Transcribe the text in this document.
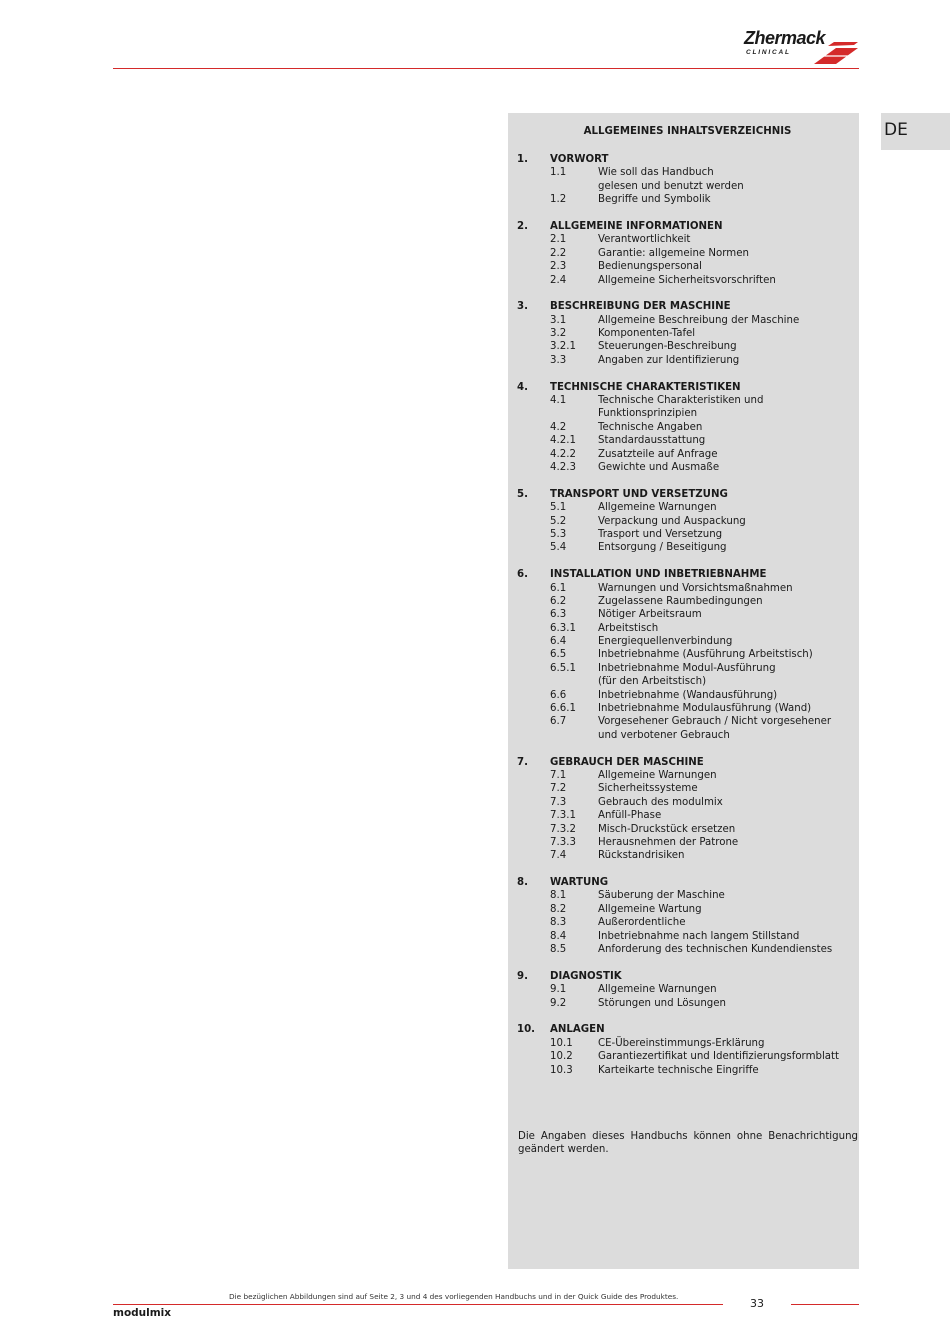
Zhermack
CLINICAL
ALLGEMEINES INHALTSVERZEICHNIS
1. VORWORT
1.1	Wie soll das Handbuch
gelesen und benutzt werden
1.2	Begriffe und Symbolik
2. ALLGEMEINE INFORMATIONEN
2.1	Verantwortlichkeit
2.2	Garantie: allgemeine Normen
2.3	Bedienungspersonal
2.4	Allgemeine Sicherheitsvorschriften
3. BESCHREIBUNG DER MASCHINE
3.1	Allgemeine Beschreibung der Maschine
3.2	Komponenten-Tafel
3.2.1 Steuerungen-Beschreibung
3.3	Angaben zur Identifizierung
4. TECHNISCHE CHARAKTERISTIKEN
4.1	Technische Charakteristiken und
Funktionsprinzipien
4.2	Technische Angaben
4.2.1 Standardausstattung
4.2.2 Zusatzteile auf Anfrage
4.2.3 Gewichte und Ausmaße
5. TRANSPORT UND VERSETZUNG
5.1	Allgemeine Warnungen
5.2	Verpackung und Auspackung
5.3	Trasport und Versetzung
5.4	Entsorgung / Beseitigung
6. INSTALLATION UND INBETRIEBNAHME
6.1	Warnungen und Vorsichtsmaßnahmen
6.2	Zugelassene Raumbedingungen
6.3	Nötiger Arbeitsraum
6.3.1 Arbeitstisch
6.4	Energiequellenverbindung
6.5	Inbetriebnahme (Ausführung Arbeitstisch)
6.5.1 Inbetriebnahme Modul-Ausführung
(für den Arbeitstisch)
6.6	Inbetriebnahme (Wandausführung)
6.6.1 Inbetriebnahme Modulausführung (Wand)
6.7	Vorgesehener Gebrauch / Nicht vorgesehener
und verbotener Gebrauch
7. GEBRAUCH DER MASCHINE
7.1	Allgemeine Warnungen
7.2	Sicherheitssysteme
7.3	Gebrauch des modulmix
7.3.1 Anfüll-Phase
7.3.2 Misch-Druckstück ersetzen
7.3.3 Herausnehmen der Patrone
7.4	Rückstandrisiken
8. WARTUNG
8.1	Säuberung der Maschine
8.2	Allgemeine Wartung
8.3	Außerordentliche
8.4	Inbetriebnahme nach langem Stillstand
8.5	Anforderung des technischen Kundendienstes
9. DIAGNOSTIK
9.1	Allgemeine Warnungen
9.2	Störungen und Lösungen
10. ANLAGEN
10.1 CE-Übereinstimmungs-Erklärung
10.2 Garantiezertifikat und Identifizierungsformblatt
10.3 Karteikarte technische Eingriffe
Die Angaben dieses Handbuchs können ohne Benachrichtigung geändert werden.
DE
Die bezüglichen Abbildungen sind auf Seite 2, 3 und 4 des vorliegenden Handbuchs und in der Quick Guide des Produktes.
33
modulmix
